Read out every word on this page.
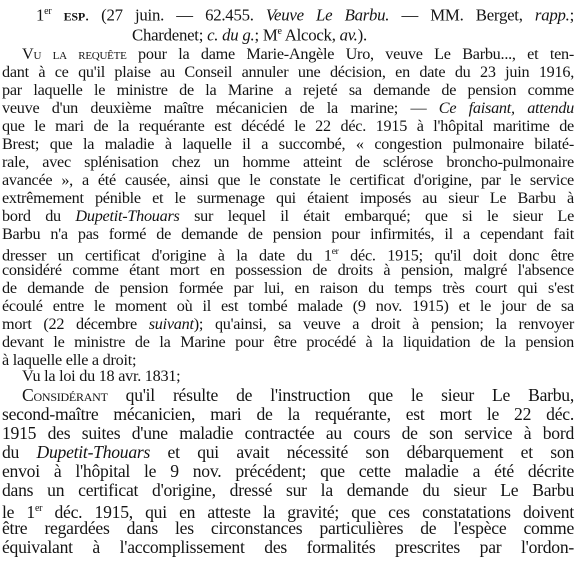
1er esp. (27 juin. — 62.455. Veuve Le Barbu. — MM. Berget, rapp.;
Chardenet; c. du g.; Me Alcock, av.).
Vu la requête pour la dame Marie-Angèle Uro, veuve Le Barbu..., et ten-
dant à ce qu'il plaise au Conseil annuler une décision, en date du 23 juin 1916,
par laquelle le ministre de la Marine a rejeté sa demande de pension comme
veuve d'un deuxième maître mécanicien de la marine; — Ce faisant, attendu
que le mari de la requérante est décédé le 22 déc. 1915 à l'hôpital maritime de
Brest; que la maladie à laquelle il a succombé, « congestion pulmonaire bilaté-
rale, avec splénisation chez un homme atteint de sclérose broncho-pulmonaire
avancée », a été causée, ainsi que le constate le certificat d'origine, par le service
extrêmement pénible et le surmenage qui étaient imposés au sieur Le Barbu à
bord du Dupetit-Thouars sur lequel il était embarqué; que si le sieur Le
Barbu n'a pas formé de demande de pension pour infirmités, il a cependant fait
dresser un certificat d'origine à la date du 1er déc. 1915; qu'il doit donc être
considéré comme étant mort en possession de droits à pension, malgré l'absence
de demande de pension formée par lui, en raison du temps très court qui s'est
écoulé entre le moment où il est tombé malade (9 nov. 1915) et le jour de sa
mort (22 décembre suivant); qu'ainsi, sa veuve a droit à pension; la renvoyer
devant le ministre de la Marine pour être procédé à la liquidation de la pension
à laquelle elle a droit;
Vu la loi du 18 avr. 1831;
Considérant qu'il résulte de l'instruction que le sieur Le Barbu,
second-maître mécanicien, mari de la requérante, est mort le 22 déc.
1915 des suites d'une maladie contractée au cours de son service à bord
du Dupetit-Thouars et qui avait nécessité son débarquement et son
envoi à l'hôpital le 9 nov. précédent; que cette maladie a été décrite
dans un certificat d'origine, dressé sur la demande du sieur Le Barbu
le 1er déc. 1915, qui en atteste la gravité; que ces constatations doivent
être regardées dans les circonstances particulières de l'espèce comme
équivalant à l'accomplissement des formalités prescrites par l'ordon-
